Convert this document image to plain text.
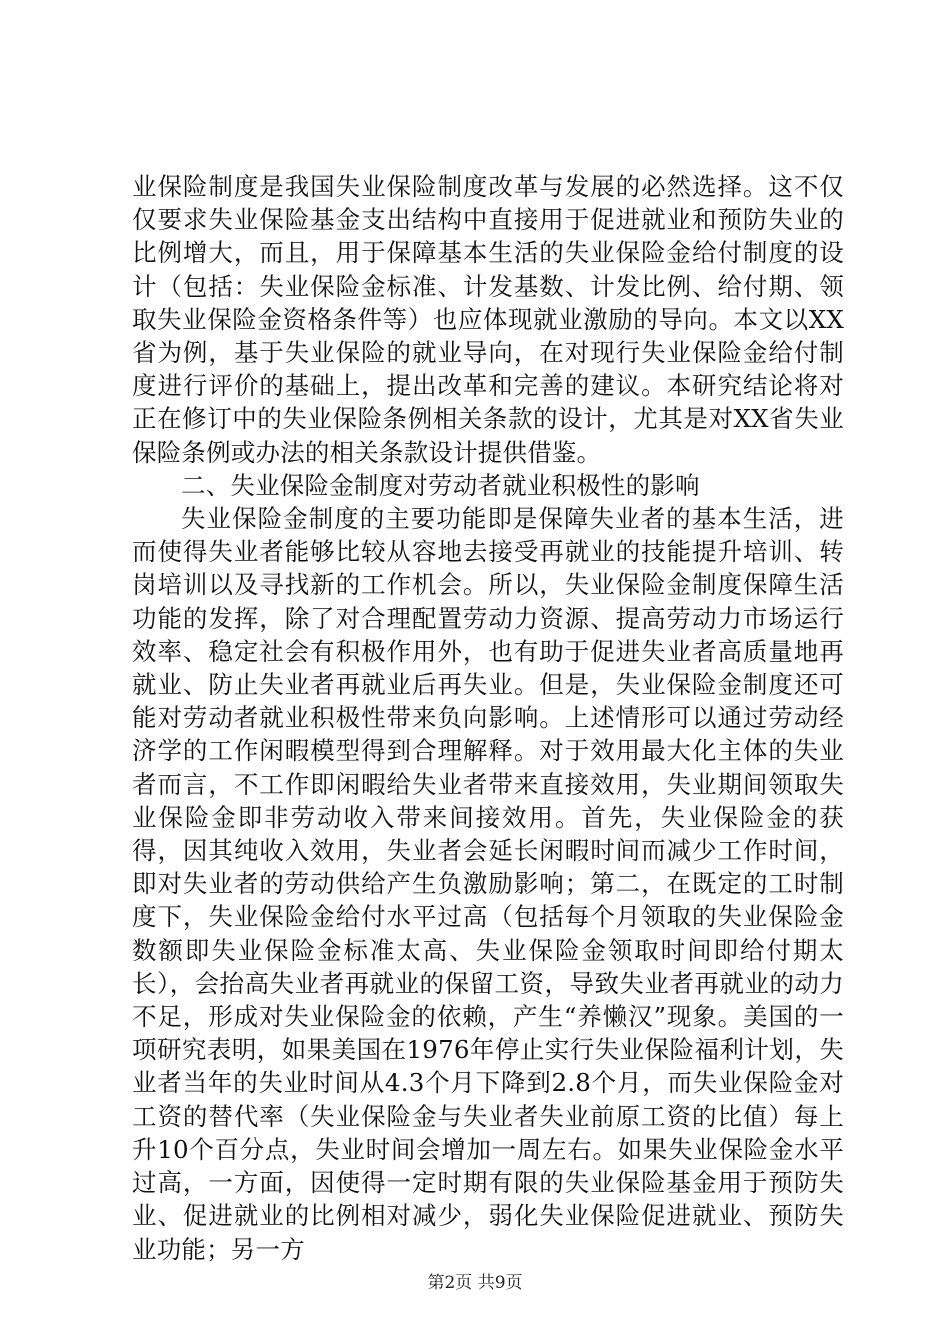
业保险制度是我国失业保险制度改革与发展的必然选择。这不仅仅要求失业保险基金支出结构中直接用于促进就业和预防失业的比例增大，而且，用于保障基本生活的失业保险金给付制度的设计（包括：失业保险金标准、计发基数、计发比例、给付期、领取失业保险金资格条件等）也应体现就业激励的导向。本文以XX省为例，基于失业保险的就业导向，在对现行失业保险金给付制度进行评价的基础上，提出改革和完善的建议。本研究结论将对正在修订中的失业保险条例相关条款的设计，尤其是对XX省失业保险条例或办法的相关条款设计提供借鉴。

二、失业保险金制度对劳动者就业积极性的影响

失业保险金制度的主要功能即是保障失业者的基本生活，进而使得失业者能够比较从容地去接受再就业的技能提升培训、转岗培训以及寻找新的工作机会。所以，失业保险金制度保障生活功能的发挥，除了对合理配置劳动力资源、提高劳动力市场运行效率、稳定社会有积极作用外，也有助于促进失业者高质量地再就业、防止失业者再就业后再失业。但是，失业保险金制度还可能对劳动者就业积极性带来负向影响。上述情形可以通过劳动经济学的工作闲暇模型得到合理解释。对于效用最大化主体的失业者而言，不工作即闲暇给失业者带来直接效用，失业期间领取失业保险金即非劳动收入带来间接效用。首先，失业保险金的获得，因其纯收入效用，失业者会延长闲暇时间而减少工作时间，即对失业者的劳动供给产生负激励影响；第二，在既定的工时制度下，失业保险金给付水平过高（包括每个月领取的失业保险金数额即失业保险金标准太高、失业保险金领取时间即给付期太长），会抬高失业者再就业的保留工资，导致失业者再就业的动力不足，形成对失业保险金的依赖，产生“养懒汉”现象。美国的一项研究表明，如果美国在1976年停止实行失业保险福利计划，失业者当年的失业时间从4.3个月下降到2.8个月，而失业保险金对工资的替代率（失业保险金与失业者失业前原工资的比值）每上升10个百分点，失业时间会增加一周左右。如果失业保险金水平过高，一方面，因使得一定时期有限的失业保险基金用于预防失业、促进就业的比例相对减少，弱化失业保险促进就业、预防失业功能；另一方

第2页 共9页
